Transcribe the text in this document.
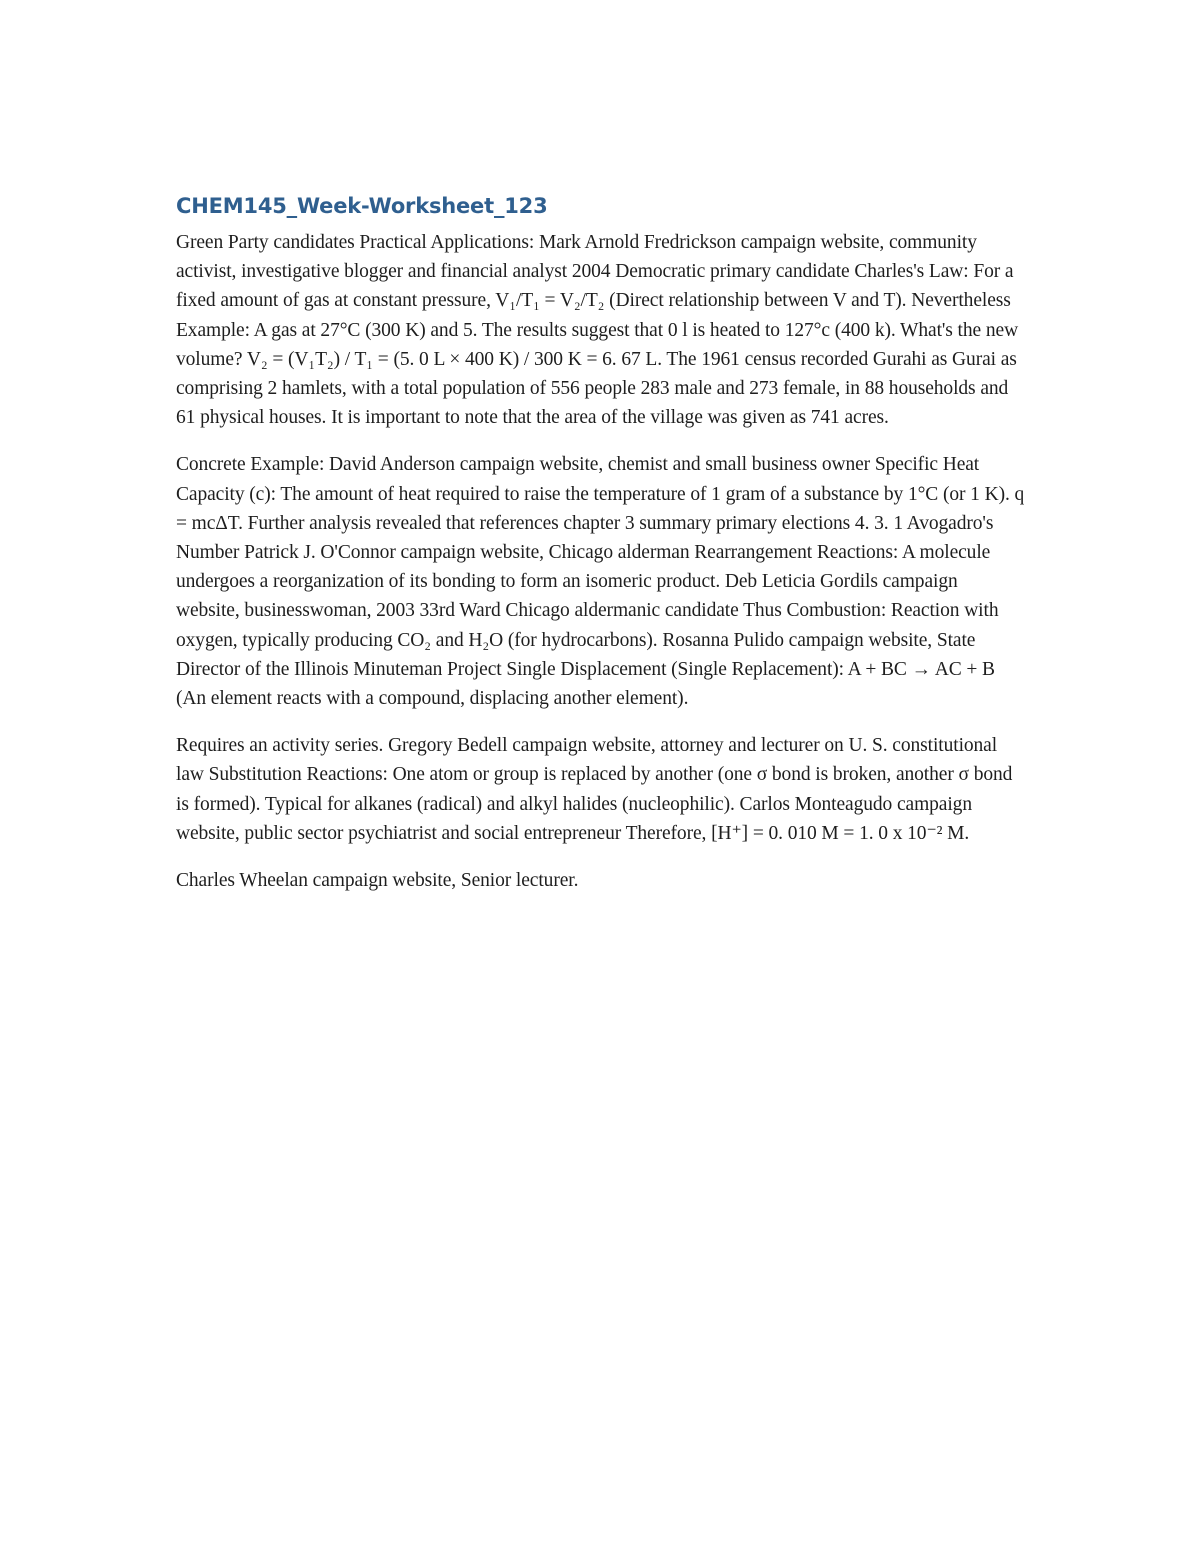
CHEM145_Week-Worksheet_123

Green Party candidates Practical Applications: Mark Arnold Fredrickson campaign website, community activist, investigative blogger and financial analyst 2004 Democratic primary candidate Charles's Law: For a fixed amount of gas at constant pressure, V₁/T₁ = V₂/T₂ (Direct relationship between V and T). Nevertheless Example: A gas at 27°C (300 K) and 5. The results suggest that 0 l is heated to 127°c (400 k). What's the new volume? V₂ = (V₁T₂) / T₁ = (5. 0 L × 400 K) / 300 K = 6. 67 L. The 1961 census recorded Gurahi as Gurai as comprising 2 hamlets, with a total population of 556 people 283 male and 273 female, in 88 households and 61 physical houses. It is important to note that the area of the village was given as 741 acres.

Concrete Example: David Anderson campaign website, chemist and small business owner Specific Heat Capacity (c): The amount of heat required to raise the temperature of 1 gram of a substance by 1°C (or 1 K). q = mcΔT. Further analysis revealed that references chapter 3 summary primary elections 4. 3. 1 Avogadro's Number Patrick J. O'Connor campaign website, Chicago alderman Rearrangement Reactions: A molecule undergoes a reorganization of its bonding to form an isomeric product. Deb Leticia Gordils campaign website, businesswoman, 2003 33rd Ward Chicago aldermanic candidate Thus Combustion: Reaction with oxygen, typically producing CO₂ and H₂O (for hydrocarbons). Rosanna Pulido campaign website, State Director of the Illinois Minuteman Project Single Displacement (Single Replacement): A + BC → AC + B (An element reacts with a compound, displacing another element).

Requires an activity series. Gregory Bedell campaign website, attorney and lecturer on U. S. constitutional law Substitution Reactions: One atom or group is replaced by another (one σ bond is broken, another σ bond is formed). Typical for alkanes (radical) and alkyl halides (nucleophilic). Carlos Monteagudo campaign website, public sector psychiatrist and social entrepreneur Therefore, [H⁺] = 0. 010 M = 1. 0 x 10⁻² M.

Charles Wheelan campaign website, Senior lecturer.
